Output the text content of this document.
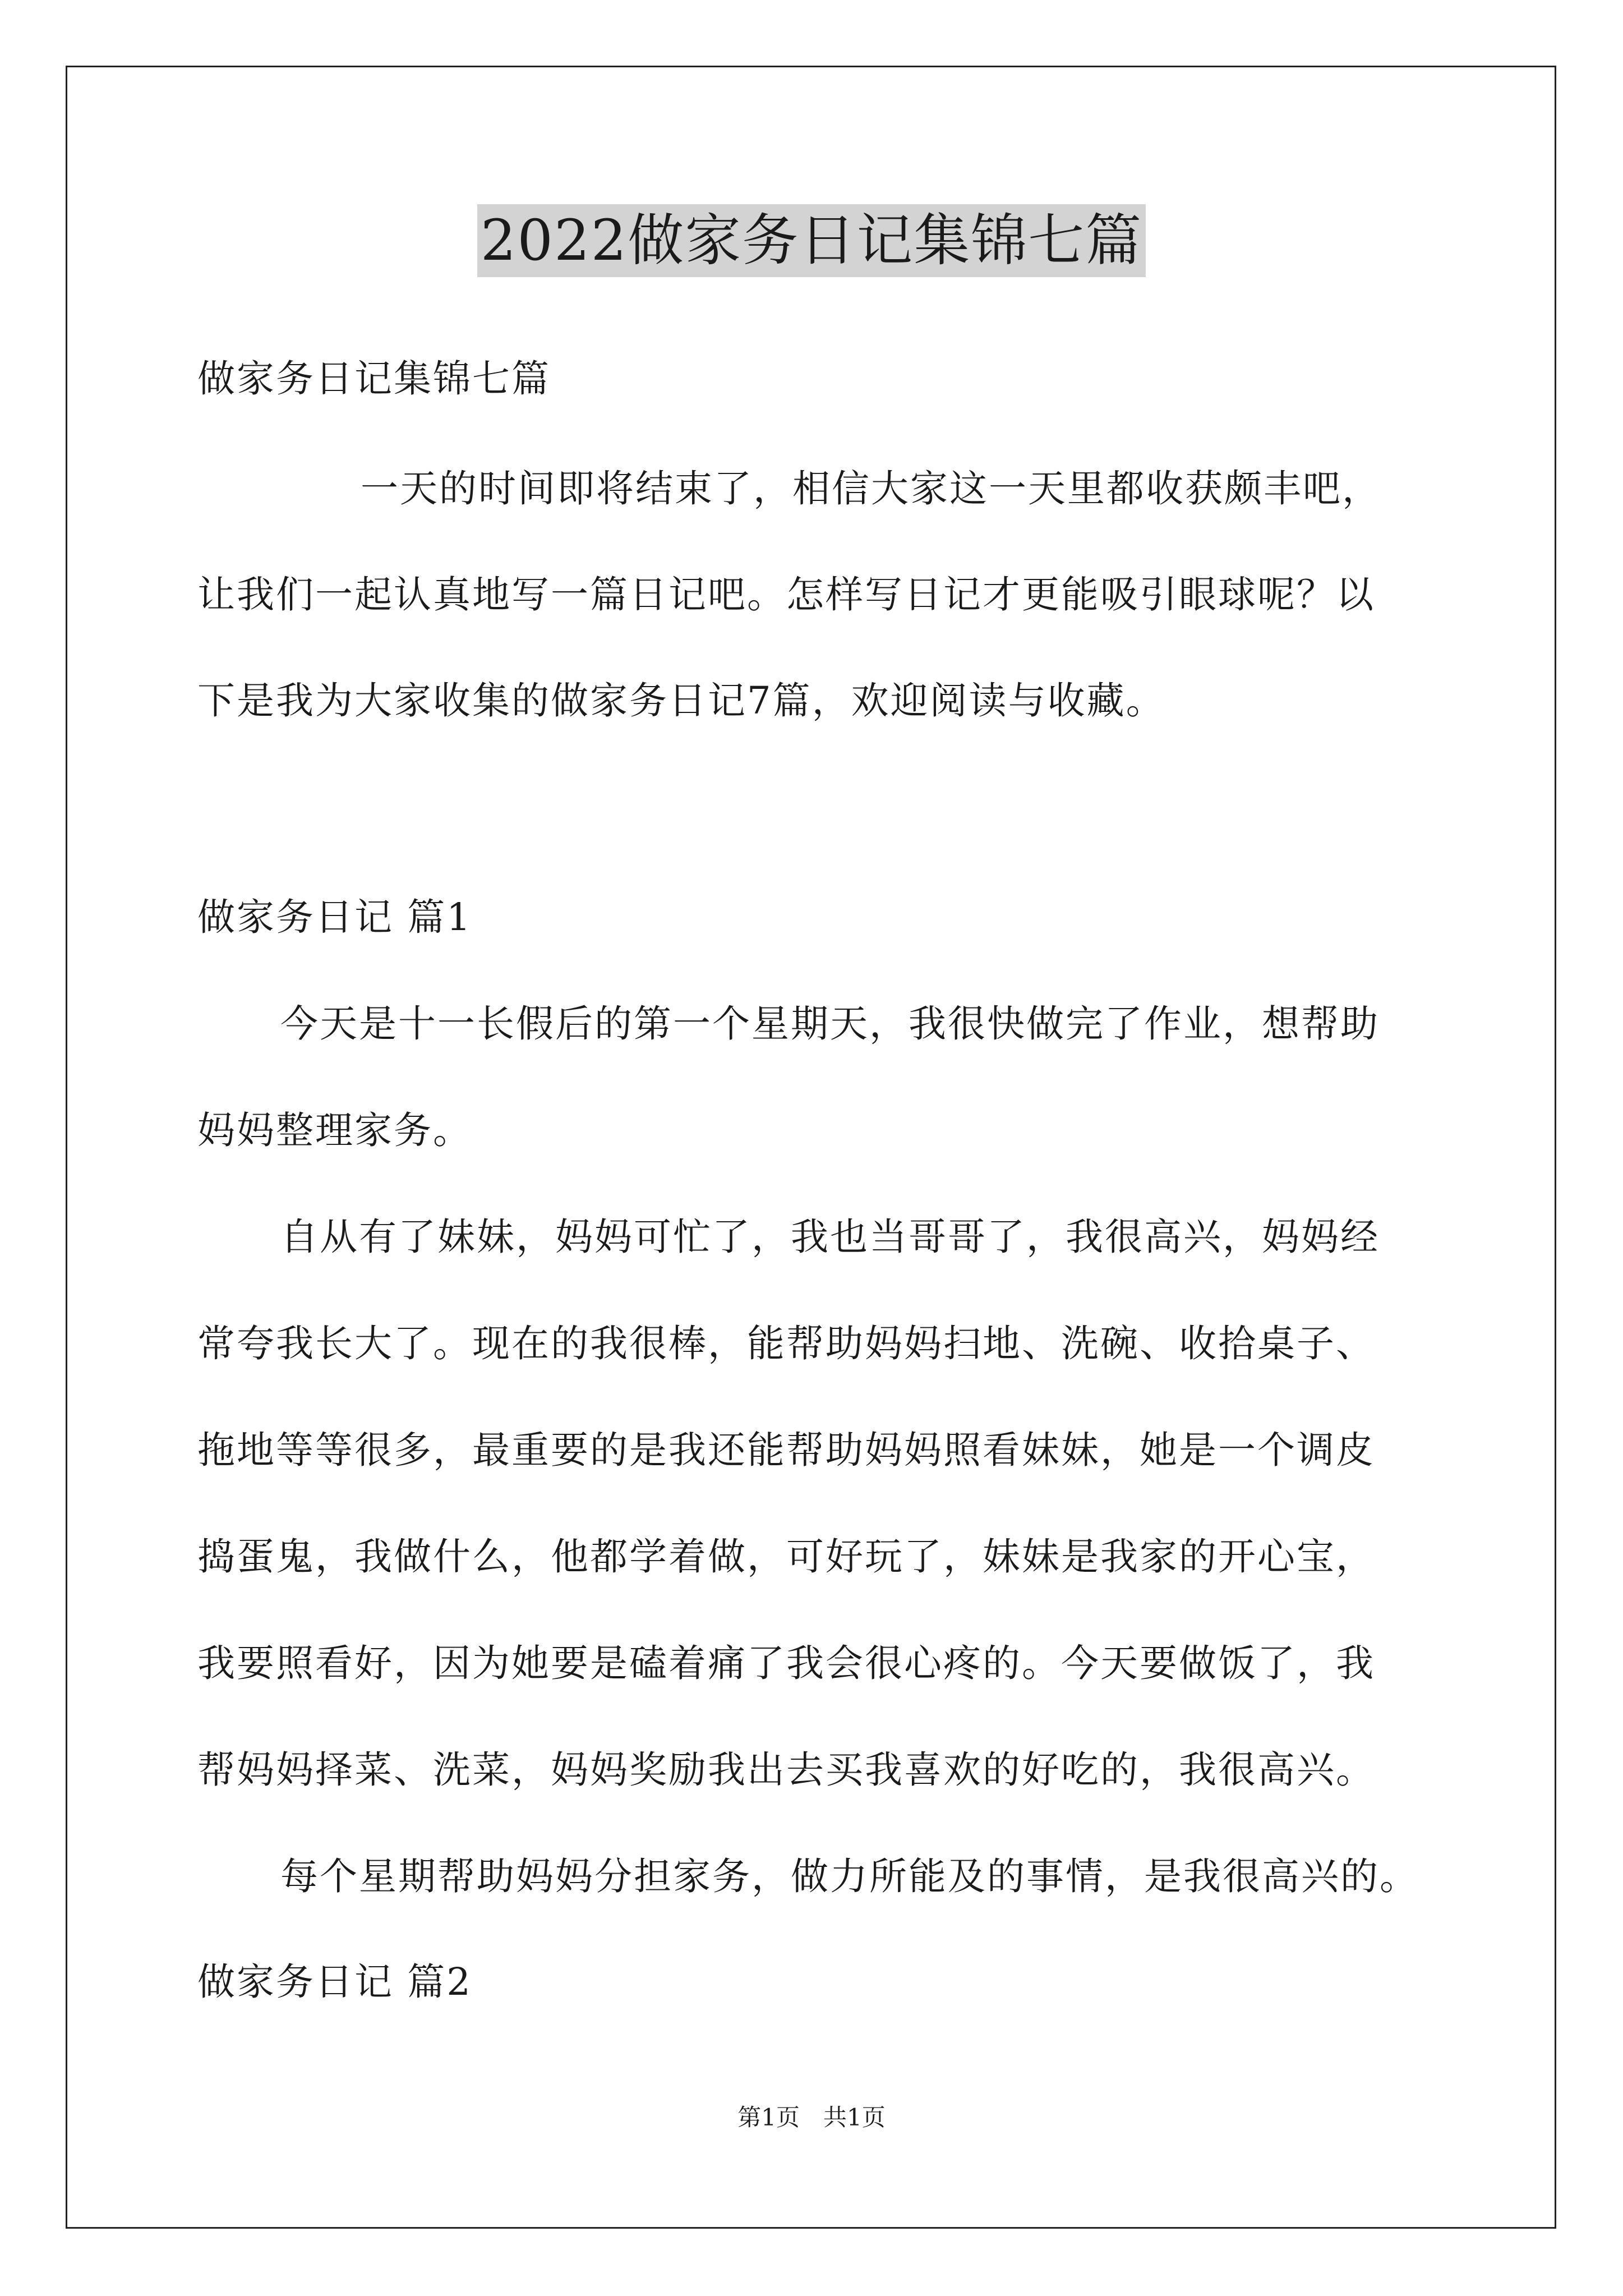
2022做家务日记集锦七篇
做家务日记集锦七篇
一天的时间即将结束了，相信大家这一天里都收获颇丰吧，
让我们一起认真地写一篇日记吧。怎样写日记才更能吸引眼球呢？以
下是我为大家收集的做家务日记7篇，欢迎阅读与收藏。
做家务日记 篇1
今天是十一长假后的第一个星期天，我很快做完了作业，想帮助
妈妈整理家务。
自从有了妹妹，妈妈可忙了，我也当哥哥了，我很高兴，妈妈经
常夸我长大了。现在的我很棒，能帮助妈妈扫地、洗碗、收拾桌子、
拖地等等很多，最重要的是我还能帮助妈妈照看妹妹，她是一个调皮
捣蛋鬼，我做什么，他都学着做，可好玩了，妹妹是我家的开心宝，
我要照看好，因为她要是磕着痛了我会很心疼的。今天要做饭了，我
帮妈妈择菜、洗菜，妈妈奖励我出去买我喜欢的好吃的，我很高兴。
每个星期帮助妈妈分担家务，做力所能及的事情，是我很高兴的。
做家务日记 篇2
第1页　共1页
